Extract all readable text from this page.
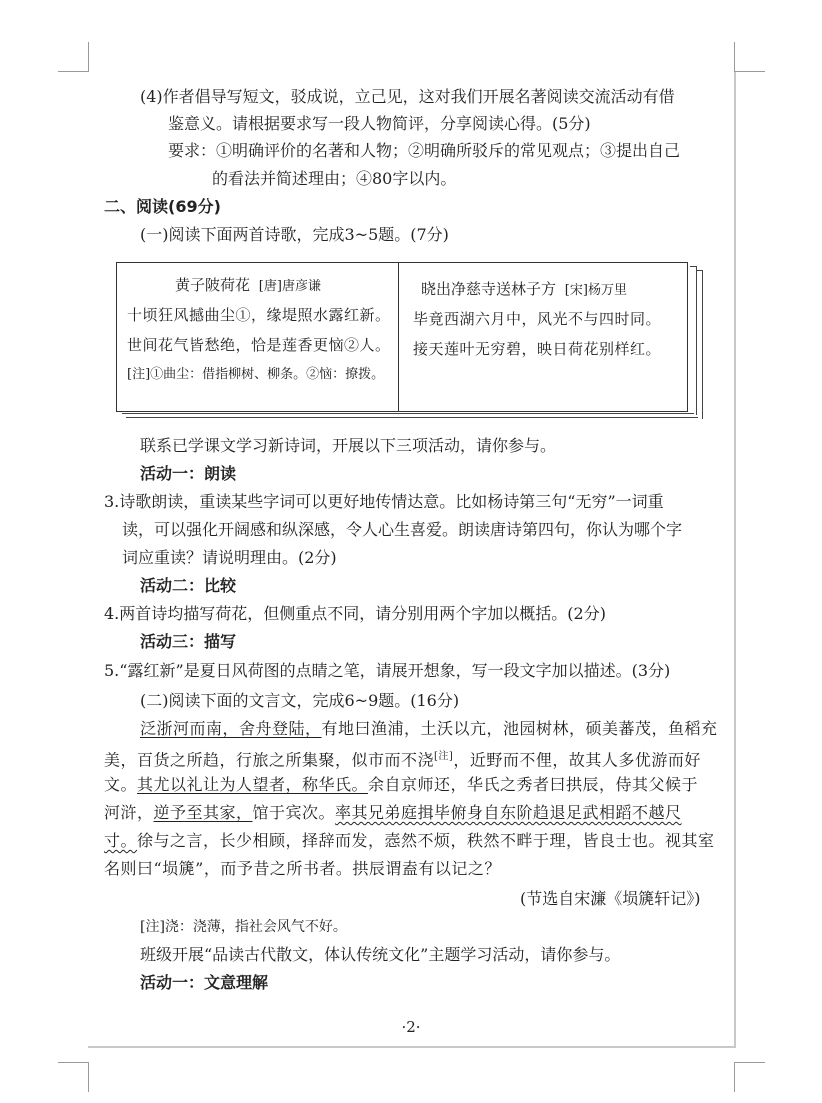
(4)作者倡导写短文，驳成说，立己见，这对我们开展名著阅读交流活动有借
鉴意义。请根据要求写一段人物简评，分享阅读心得。(5分)
要求：①明确评价的名著和人物；②明确所驳斥的常见观点；③提出自己
的看法并简述理由；④80字以内。
二、阅读(69分)
(一)阅读下面两首诗歌，完成3~5题。(7分)
黄子陂荷花 [唐]唐彦谦
十顷狂风撼曲尘①，缘堤照水露红新。
世间花气皆愁绝，恰是莲香更恼②人。
[注]①曲尘：借指柳树、柳条。②恼：撩拨。
晓出净慈寺送林子方 [宋]杨万里
毕竟西湖六月中，风光不与四时同。
接天莲叶无穷碧，映日荷花别样红。
联系已学课文学习新诗词，开展以下三项活动，请你参与。
活动一：朗读
3.诗歌朗读，重读某些字词可以更好地传情达意。比如杨诗第三句“无穷”一词重
读，可以强化开阔感和纵深感，令人心生喜爱。朗读唐诗第四句，你认为哪个字
词应重读？请说明理由。(2分)
活动二：比较
4.两首诗均描写荷花，但侧重点不同，请分别用两个字加以概括。(2分)
活动三：描写
5.“露红新”是夏日风荷图的点睛之笔，请展开想象，写一段文字加以描述。(3分)
(二)阅读下面的文言文，完成6~9题。(16分)
泛浙河而南，舍舟登陆，有地曰渔浦，土沃以亢，池园树林，硕美蕃茂，鱼稻充
美，百货之所趋，行旅之所集聚，似市而不浇[注]，近野而不俚，故其人多优游而好
文。其尤以礼让为人望者，称华氏。余自京师还，华氏之秀者曰拱辰，侍其父候于
河浒，逆予至其家，馆于宾次。率其兄弟庭揖毕俯身自东阶趋退足武相蹈不越尺
寸。徐与之言，长少相顾，择辞而发，悫然不烦，秩然不畔于理，皆良士也。视其室
名则曰“埙篪”，而予昔之所书者。拱辰谓盍有以记之？
(节选自宋濂《埙篪轩记》)
[注]浇：浇薄，指社会风气不好。
班级开展“品读古代散文，体认传统文化”主题学习活动，请你参与。
活动一：文意理解
·2·
